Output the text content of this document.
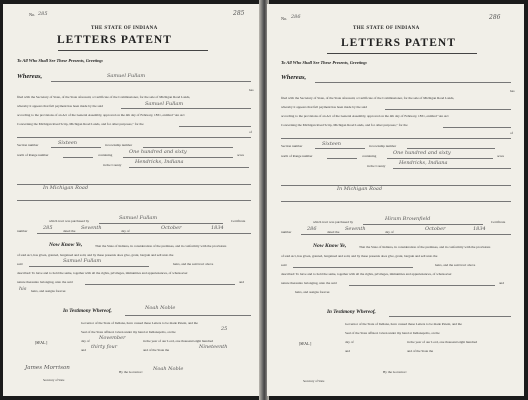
No. 285	285
THE STATE OF INDIANA
LETTERS PATENT
To All Who Shall See These Presents, Greeting:
Whereas,	Samuel Fullam
has
filed with the Secretary of State, of the State aforesaid, a Certificate of the Commissioner, for the sale of Michigan Road Lands,
whereby it appears that full payment has been made by the said	Samuel Fullam
according to the provisions of an Act of the General Assembly, approved on the 4th day of February, 1831, entitled "An Act
Concerning the Michigan Road Scrip, Michigan Road Lands, and for other purposes," for the
of
Section number	Sixteen	in township number
north of Range number	containing	One hundred and sixty	acres
in the County	Hendricks, Indiana
In Michigan Road
which tract was purchased by	Samuel Fullam	Certificate
number	285	dated the Seventh	day of	October	1834
Now Know Ye,	That the State of Indiana, in consideration of the premises, and in conformity with the provisions
of said Act, has given, granted, bargained and sold, and by these presents does give, grant, bargain and sell unto the
said	Samuel Fullam	heirs, and the said tract above
described: To have and to hold the same, together with all the rights, privileges, immunities and appurtenances, of whatsoever
nature thereunto belonging, unto the said	and
his heirs, and assigns forever.
In Testimony Whereof,	Noah Noble
Governor of the State of Indiana, have caused these Letters to be made Patent, and the
Seal of the State affixed. Given under my hand at Indianapolis, on the	25
day of November	in the year of our Lord, one thousand eight hundred
[SEAL.]
and thirty four	and of the State the	Nineteenth
James Morrison
By the Governor: Noah Noble
Secretary of State
No. 286	286
THE STATE OF INDIANA
LETTERS PATENT
To All Who Shall See These Presents, Greeting:
Whereas,
has
filed with the Secretary of State, of the State aforesaid, a Certificate of the Commissioner, for the sale of Michigan Road Lands,
whereby it appears that full payment has been made by the said
according to the provisions of an Act of the General Assembly, approved on the 4th day of February, 1831, entitled "An Act
Concerning the Michigan Road Scrip, Michigan Road Lands, and for other purposes," for the
of
Section number	Sixteen	in township number
north of Range number	containing	One hundred and sixty	acres
in the County	Hendricks, Indiana
In Michigan Road
which tract was purchased by	Hiram Brownfield	Certificate
number	286	dated the Seventh	day of	October	1834
Now Know Ye,	That the State of Indiana, in consideration of the premises, and in conformity with the provisions
of said Act, has given, granted, bargained and sold, and by these presents does give, grant, bargain and sell unto the
said	heirs, and the said tract above
described: To have and to hold the same, together with all the rights, privileges, immunities and appurtenances, of whatsoever
nature thereunto belonging, unto the said	and
heirs, and assigns forever.
In Testimony Whereof,
Governor of the State of Indiana, have caused these Letters to be made Patent, and the
Seal of the State affixed. Given under my hand at Indianapolis, on the
day of	in the year of our Lord, one thousand eight hundred
[SEAL.]
and	and of the State the
By the Governor:
Secretary of State
